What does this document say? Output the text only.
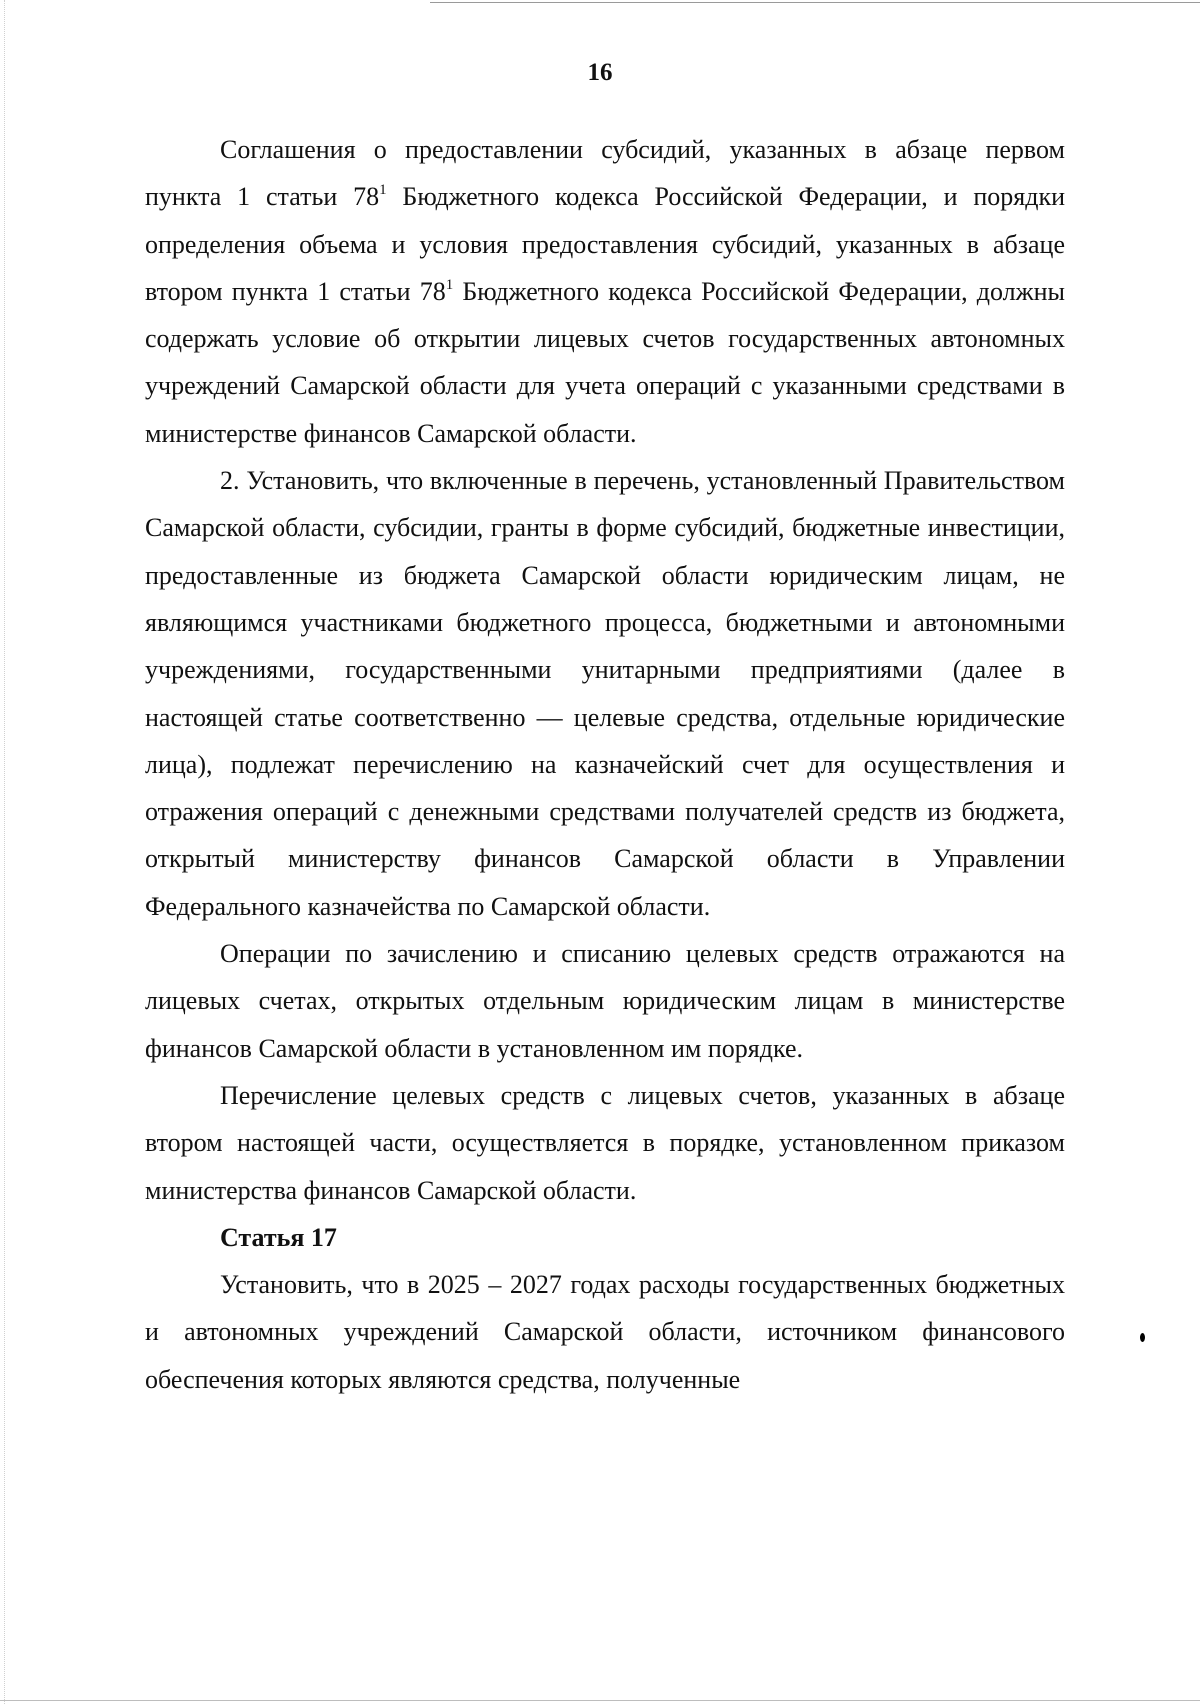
16

Соглашения о предоставлении субсидий, указанных в абзаце первом пункта 1 статьи $78^1$ Бюджетного кодекса Российской Федерации, и порядки определения объема и условия предоставления субсидий, указанных в абзаце втором пункта 1 статьи $78^1$ Бюджетного кодекса Российской Федерации, должны содержать условие об открытии лицевых счетов государственных автономных учреждений Самарской области для учета операций с указанными средствами в министерстве финансов Самарской области.

2. Установить, что включенные в перечень, установленный Правительством Самарской области, субсидии, гранты в форме субсидий, бюджетные инвестиции, предоставленные из бюджета Самарской области юридическим лицам, не являющимся участниками бюджетного процесса, бюджетными и автономными учреждениями, государственными унитарными предприятиями (далее в настоящей статье соответственно — целевые средства, отдельные юридические лица), подлежат перечислению на казначейский счет для осуществления и отражения операций с денежными средствами получателей средств из бюджета, открытый министерству финансов Самарской области в Управлении Федерального казначейства по Самарской области.

Операции по зачислению и списанию целевых средств отражаются на лицевых счетах, открытых отдельным юридическим лицам в министерстве финансов Самарской области в установленном им порядке.

Перечисление целевых средств с лицевых счетов, указанных в абзаце втором настоящей части, осуществляется в порядке, установленном приказом министерства финансов Самарской области.

Статья 17

Установить, что в 2025 – 2027 годах расходы государственных бюджетных и автономных учреждений Самарской области, источником финансового обеспечения которых являются средства, полученные
